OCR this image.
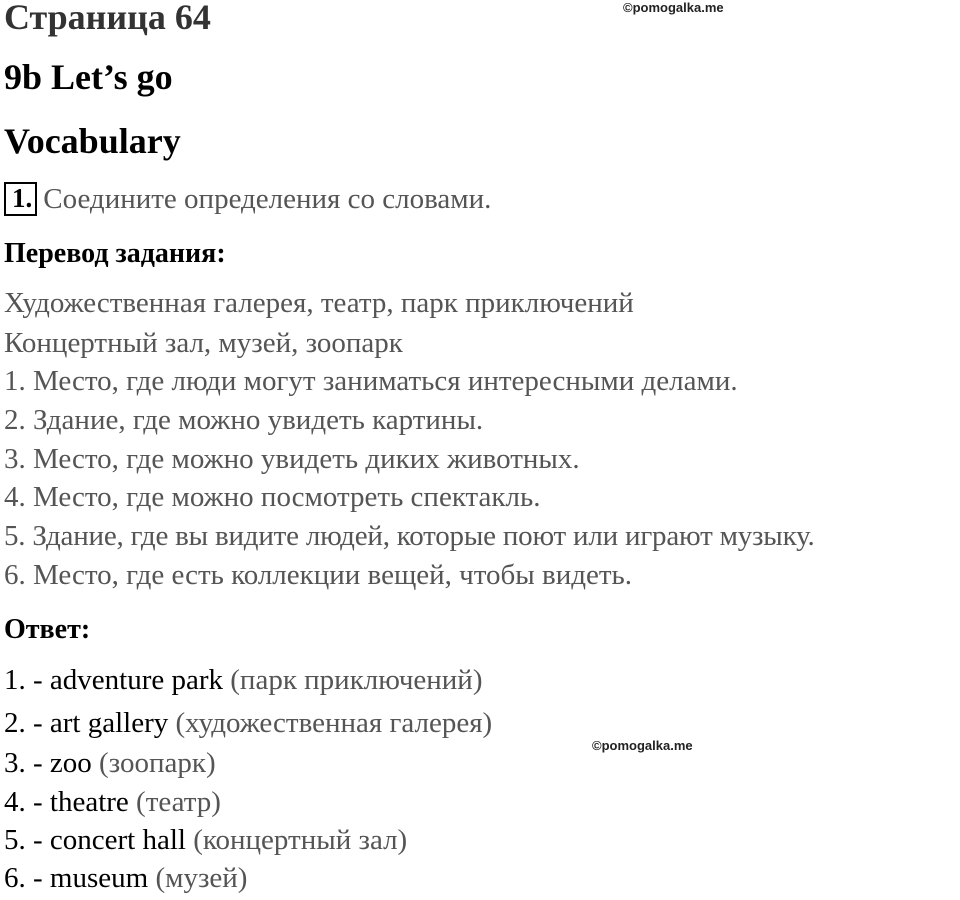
Страница 64	©pomogalka.me
9b Let’s go
Vocabulary
1. Соедините определения со словами.
Перевод задания:
Художественная галерея, театр, парк приключений
Концертный зал, музей, зоопарк
1. Место, где люди могут заниматься интересными делами.
2. Здание, где можно увидеть картины.
3. Место, где можно увидеть диких животных.
4. Место, где можно посмотреть спектакль.
5. Здание, где вы видите людей, которые поют или играют музыку.
6. Место, где есть коллекции вещей, чтобы видеть.
Ответ:
1. - adventure park (парк приключений)
2. - art gallery (художественная галерея)
©pomogalka.me
3. - zoo (зоопарк)
4. - theatre (театр)
5. - concert hall (концертный зал)
6. - museum (музей)
